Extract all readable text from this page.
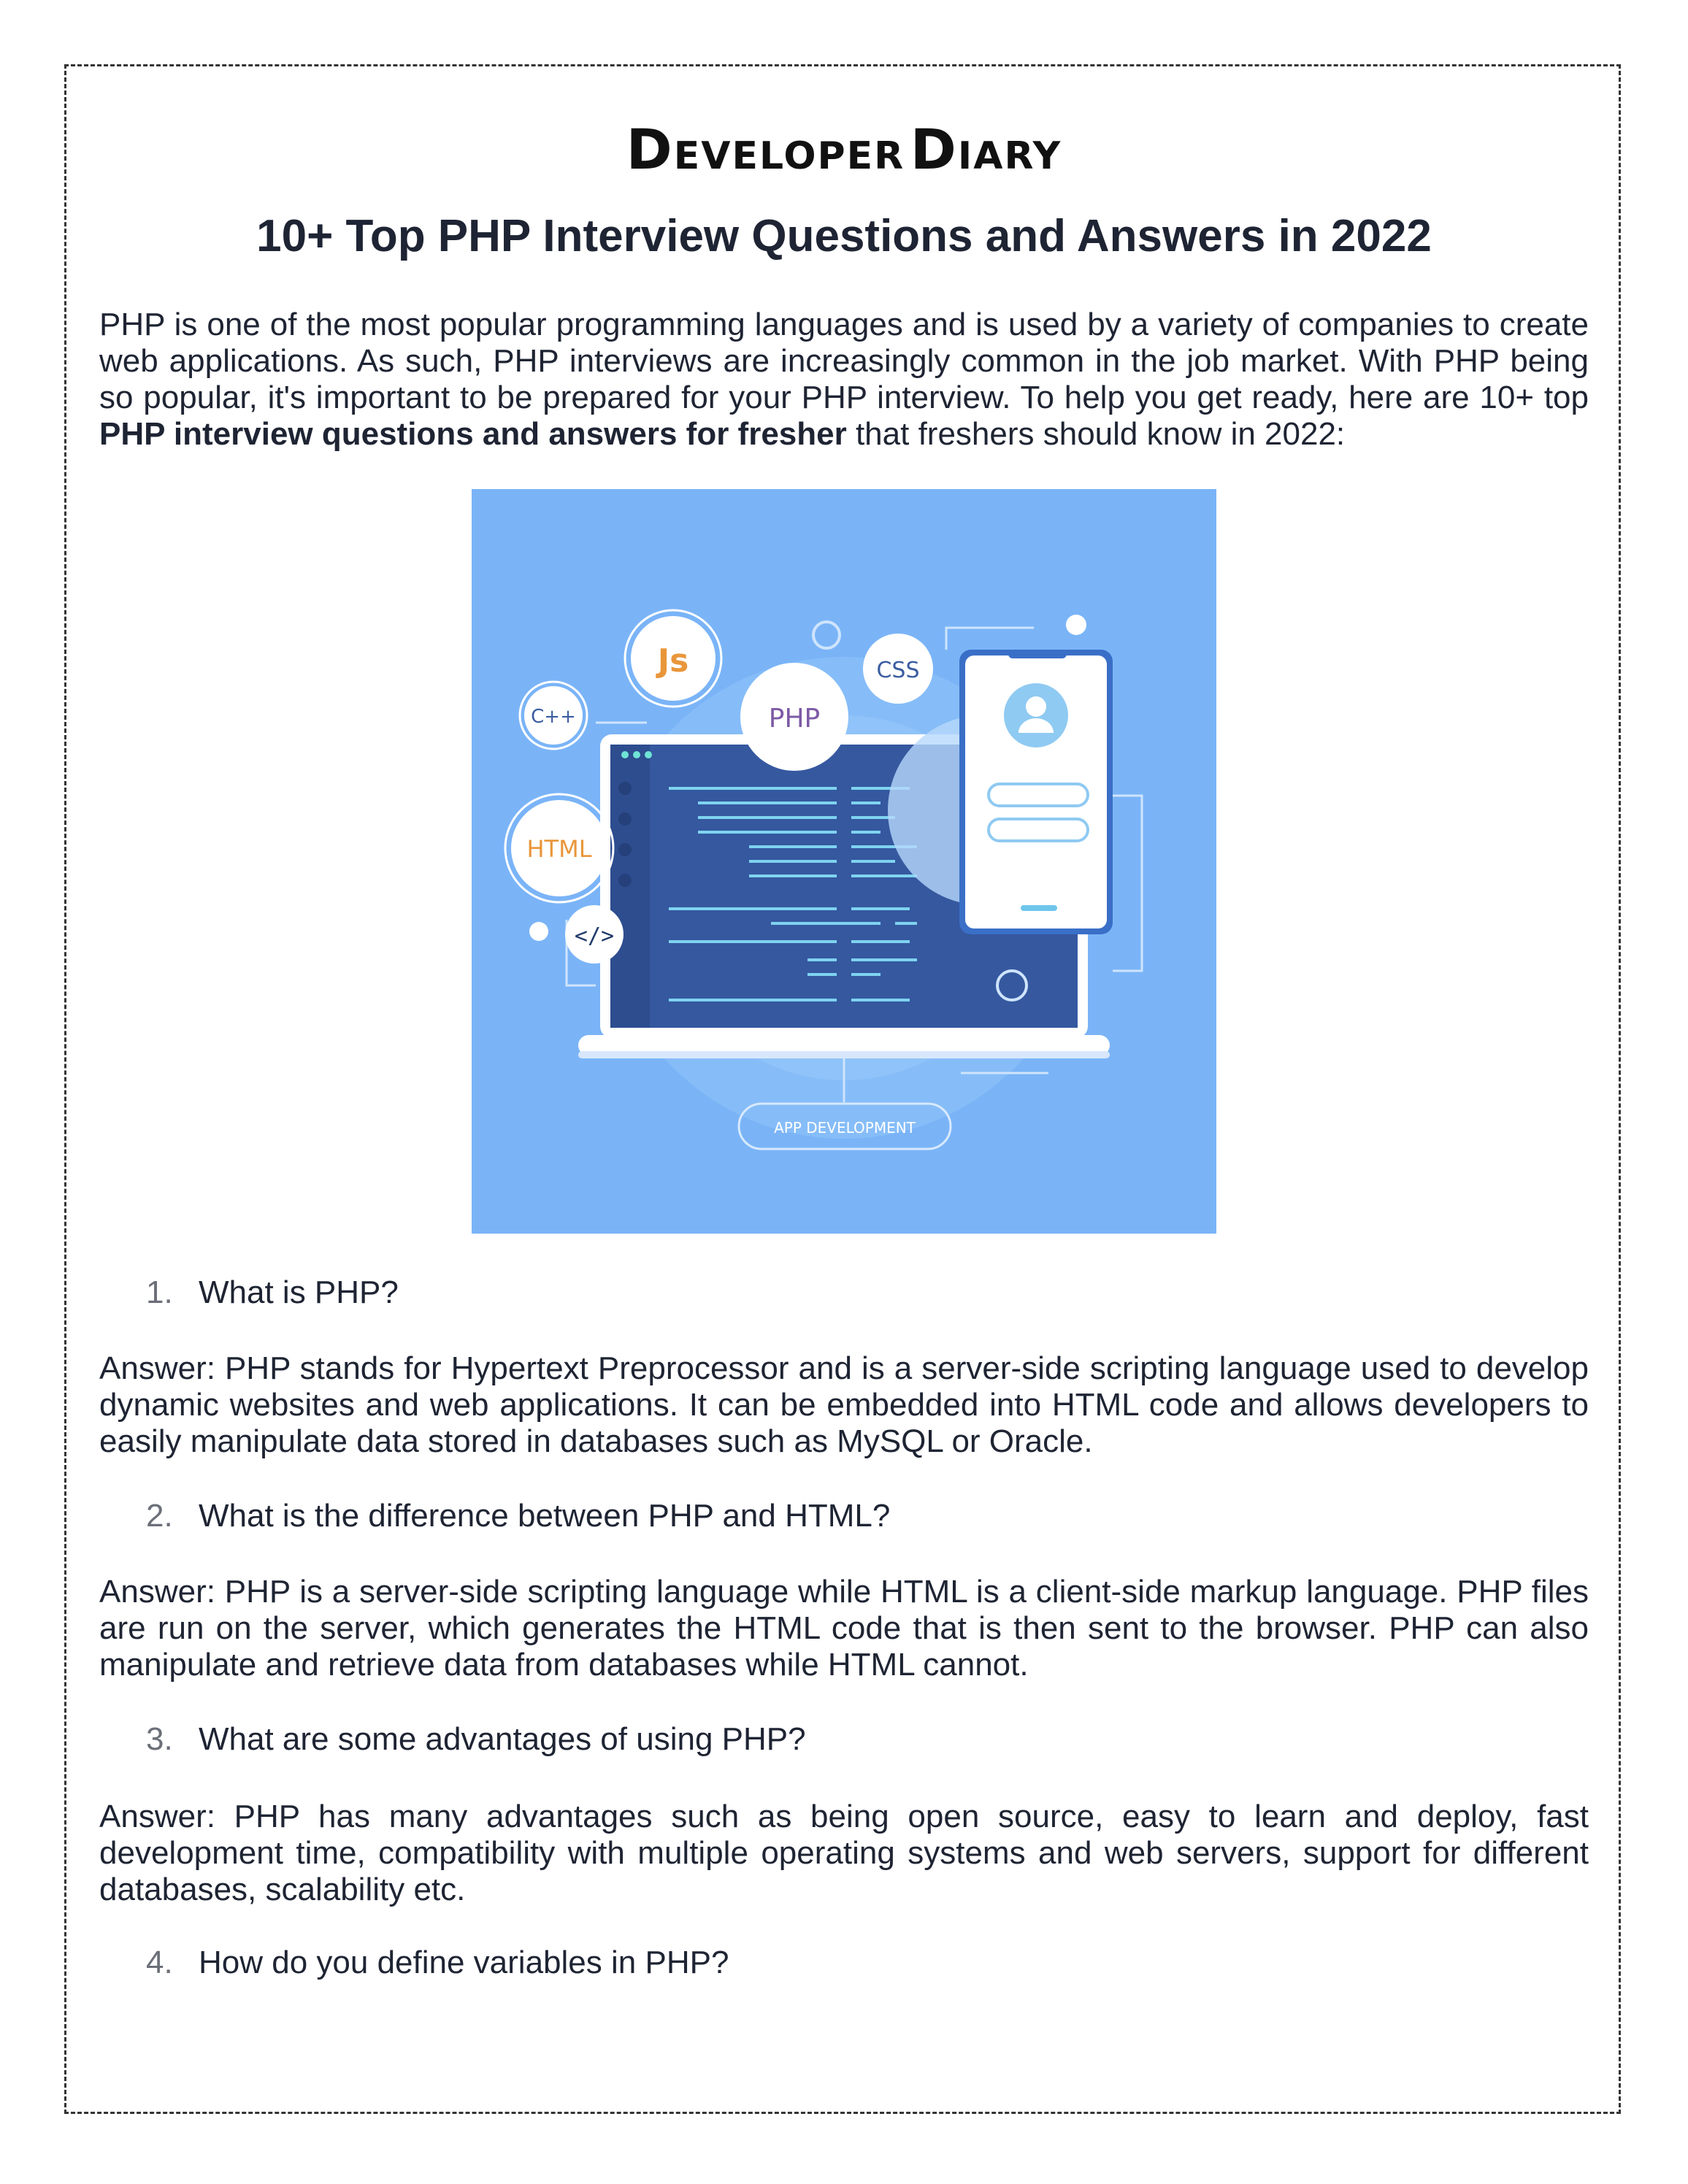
DEVELOPER DIARY
10+ Top PHP Interview Questions and Answers in 2022

PHP is one of the most popular programming languages and is used by a variety of companies to create web applications. As such, PHP interviews are increasingly common in the job market. With PHP being so popular, it's important to be prepared for your PHP interview. To help you get ready, here are 10+ top PHP interview questions and answers for fresher that freshers should know in 2022:

Js	CSS
C++	PHP
HTML
</>
APP DEVELOPMENT
1. What is PHP?

Answer: PHP stands for Hypertext Preprocessor and is a server-side scripting language used to develop dynamic websites and web applications. It can be embedded into HTML code and allows developers to easily manipulate data stored in databases such as MySQL or Oracle.

2. What is the difference between PHP and HTML?

Answer: PHP is a server-side scripting language while HTML is a client-side markup language. PHP files are run on the server, which generates the HTML code that is then sent to the browser. PHP can also manipulate and retrieve data from databases while HTML cannot.

3. What are some advantages of using PHP?

Answer: PHP has many advantages such as being open source, easy to learn and deploy, fast development time, compatibility with multiple operating systems and web servers, support for different databases, scalability etc.

4. How do you define variables in PHP?
